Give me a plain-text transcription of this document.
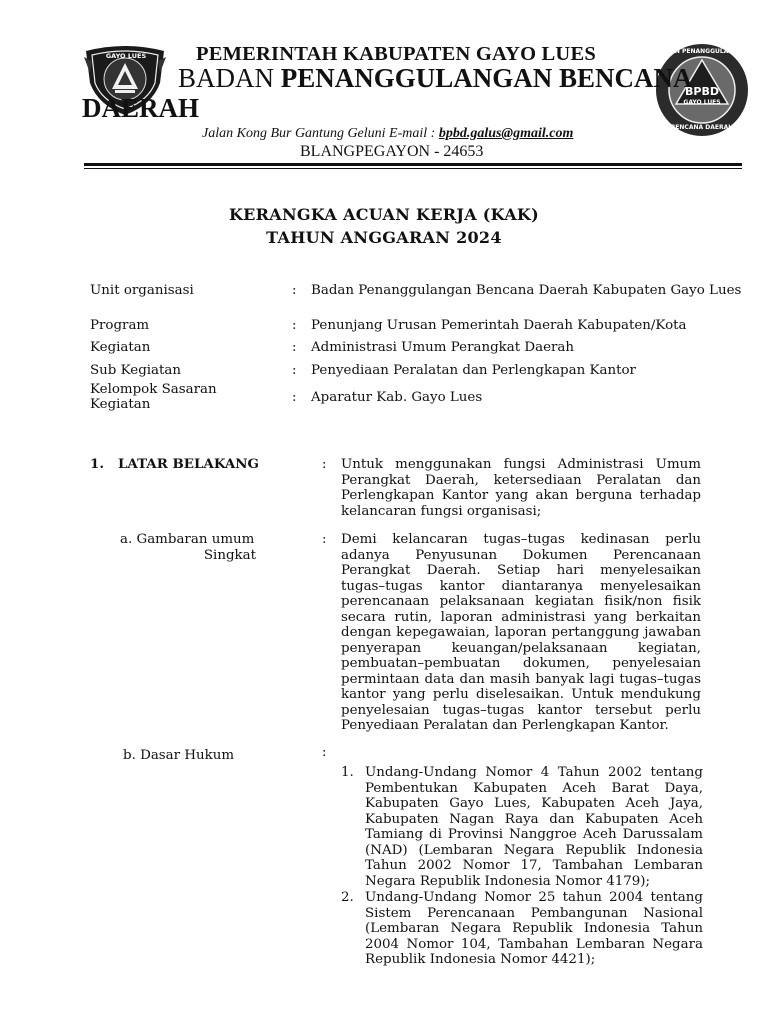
GAYO LUES
BADAN PENANGGULANGAN
BPBD
GAYO LUES
BENCANA DAERAH
PEMERINTAH KABUPATEN GAYO LUES
BADAN PENANGGULANGAN BENCANA DAERAH
Jalan Kong Bur Gantung Geluni E-mail : bpbd.galus@gmail.com
BLANGPEGAYON - 24653
KERANGKA ACUAN KERJA (KAK)
TAHUN ANGGARAN 2024
Unit organisasi	: Badan Penanggulangan Bencana Daerah Kabupaten Gayo Lues
Program	: Penunjang Urusan Pemerintah Daerah Kabupaten/Kota
Kegiatan	: Administrasi Umum Perangkat Daerah
Sub Kegiatan	: Penyediaan Peralatan dan Perlengkapan Kantor
Kelompok Sasaran Kegiatan	: Aparatur Kab. Gayo Lues
1. LATAR BELAKANG	: Untuk menggunakan fungsi Administrasi Umum Perangkat Daerah, ketersediaan Peralatan dan Perlengkapan Kantor yang akan berguna terhadap kelancaran fungsi organisasi;
a. Gambaran umum
Singkat
: Demi kelancaran tugas–tugas kedinasan perlu adanya Penyusunan Dokumen Perencanaan Perangkat Daerah. Setiap hari menyelesaikan tugas–tugas kantor diantaranya menyelesaikan perencanaan pelaksanaan kegiatan fisik/non fisik secara rutin, laporan administrasi yang berkaitan dengan kepegawaian, laporan pertanggung jawaban penyerapan keuangan/pelaksanaan kegiatan, pembuatan–pembuatan dokumen, penyelesaian permintaan data dan masih banyak lagi tugas–tugas kantor yang perlu diselesaikan. Untuk mendukung penyelesaian tugas–tugas kantor tersebut perlu Penyediaan Peralatan dan Perlengkapan Kantor.
b. Dasar Hukum	:
1. Undang-Undang Nomor 4 Tahun 2002 tentang Pembentukan Kabupaten Aceh Barat Daya, Kabupaten Gayo Lues, Kabupaten Aceh Jaya, Kabupaten Nagan Raya dan Kabupaten Aceh Tamiang di Provinsi Nanggroe Aceh Darussalam (NAD) (Lembaran Negara Republik Indonesia Tahun 2002 Nomor 17, Tambahan Lembaran Negara Republik Indonesia Nomor 4179);
2. Undang-Undang Nomor 25 tahun 2004 tentang Sistem Perencanaan Pembangunan Nasional (Lembaran Negara Republik Indonesia Tahun 2004 Nomor 104, Tambahan Lembaran Negara Republik Indonesia Nomor 4421);
